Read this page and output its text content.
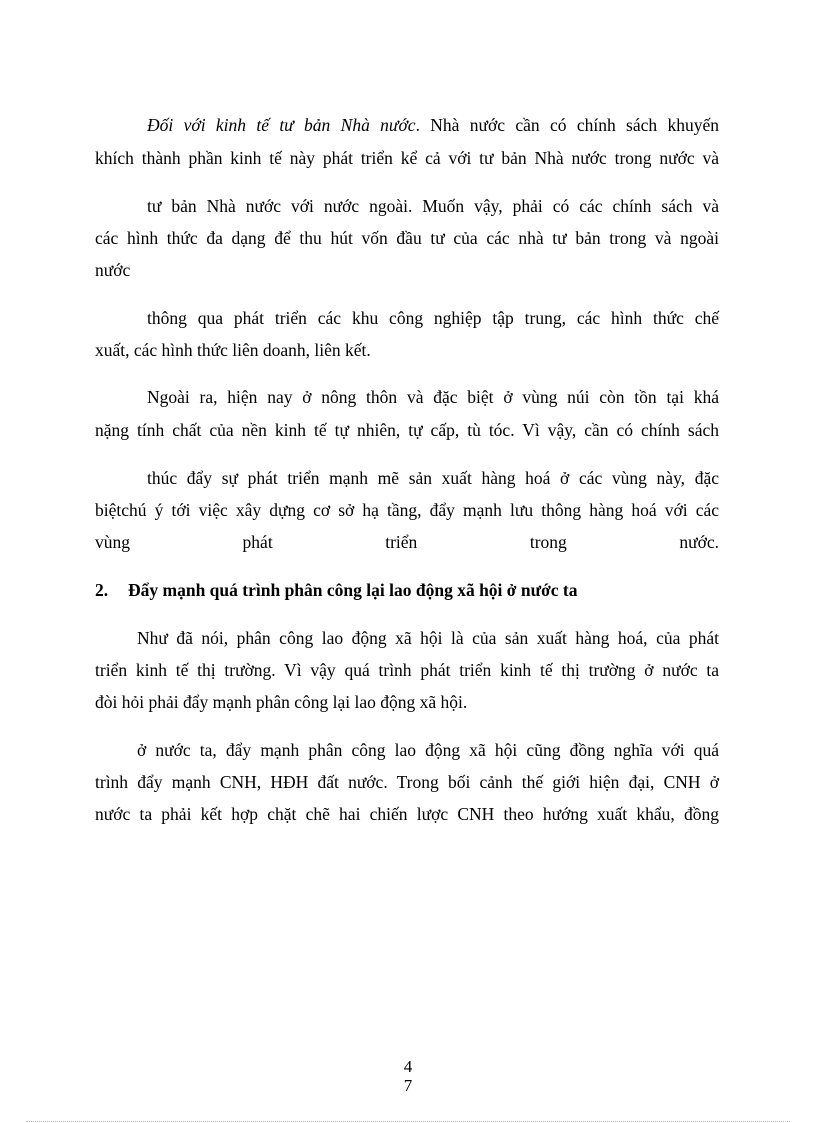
Đối với kinh tế tư bản Nhà nước. Nhà nước cần có chính sách khuyến
khích thành phần kinh tế này phát triển kể cả với tư bản Nhà nước trong nước và
tư bản Nhà nước với nước ngoài. Muốn vậy, phải có các chính sách và
các hình thức đa dạng để thu hút vốn đầu tư của các nhà tư bản trong và ngoài
nước
thông qua phát triển các khu công nghiệp tập trung, các hình thức chế
xuất, các hình thức liên doanh, liên kết.
Ngoài ra, hiện nay ở nông thôn và đặc biệt ở vùng núi còn tồn tại khá
nặng tính chất của nền kinh tế tự nhiên, tự cấp, tù tóc. Vì vậy, cần có chính sách
thúc đẩy sự phát triển mạnh mẽ sản xuất hàng hoá ở các vùng này, đặc
biệtchú ý tới việc xây dựng cơ sở hạ tầng, đẩy mạnh lưu thông hàng hoá với các
vùng phát triển trong nước.
2. Đẩy mạnh quá trình phân công lại lao động xã hội ở nước ta
Như đã nói, phân công lao động xã hội là của sản xuất hàng hoá, của phát
triển kinh tế thị trường. Vì vậy quá trình phát triển kinh tế thị trường ở nước ta
đòi hỏi phải đẩy mạnh phân công lại lao động xã hội.
ở nước ta, đẩy mạnh phân công lao động xã hội cũng đồng nghĩa với quá
trình đẩy mạnh CNH, HĐH đất nước. Trong bối cảnh thế giới hiện đại, CNH ở
nước ta phải kết hợp chặt chẽ hai chiến lược CNH theo hướng xuất khẩu, đồng
4
7
